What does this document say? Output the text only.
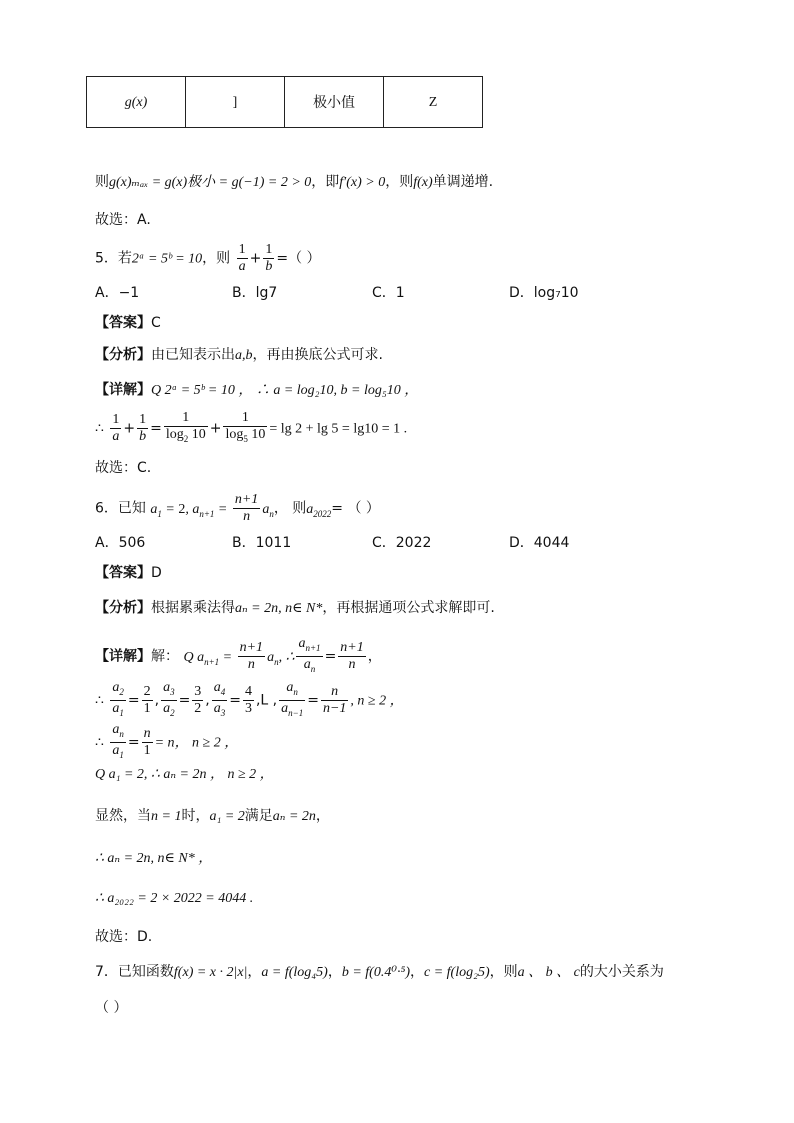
g(x)	]	极小值	Z
则g(x)ₘₐₓ = g(x)极小 = g(−1) = 2 > 0，即f′(x) > 0，则f(x)单调递增.
故选：A.
5．若2ᵃ = 5ᵇ = 10，则 $\frac{1}{a} + \frac{1}{b}$ =（ ）
A．−1	B．lg7	C．1	D．log₇10
【答案】C
【分析】由已知表示出a,b，再由换底公式可求.
【详解】Q 2ᵃ = 5ᵇ = 10 ， ∴ a = log₂10, b = log₅10 ，
∴ $\frac{1}{a} + \frac{1}{b} = \frac{1}{\log_2 10} + \frac{1}{\log_5 10} = \lg 2 + \lg 5 = \lg 10 = 1$ .
故选：C.
6．已知 $a_1 = 2$, $a_{n+1} = \frac{n+1}{n} a_n$， 则$a_{2022}=$ （ ）
A．506	B．1011	C．2022	D．4044
【答案】D
【分析】根据累乘法得aₙ = 2n, n∈ N*，再根据通项公式求解即可.
【详解】解： Q $a_{n+1} = \frac{n+1}{n} a_n$, ∴ $\frac{a_{n+1}}{a_n} = \frac{n+1}{n}$ ，
∴ $\frac{a_2}{a_1} = \frac{2}{1}$ , $\frac{a_3}{a_2} = \frac{3}{2}$ , $\frac{a_4}{a_3} = \frac{4}{3} ,L$ , $\frac{a_n}{a_{n-1}} = \frac{n}{n-1}$ , n ≥ 2 ，
∴ $\frac{a_n}{a_1} = \frac{n}{1} = n$， n ≥ 2 ，
Q a₁ = 2, ∴ aₙ = 2n ， n ≥ 2 ，
显然，当n = 1时，a₁ = 2满足aₙ = 2n，
∴ aₙ = 2n, n∈ N* ，
∴ a₂₀₂₂ = 2 × 2022 = 4044 .
故选：D.
7．已知函数f(x) = x · 2|x|，a = f(log₄5)，b = f(0.4⁰·⁵)，c = f(log₂5)，则a 、 b 、 c的大小关系为
（ ）
